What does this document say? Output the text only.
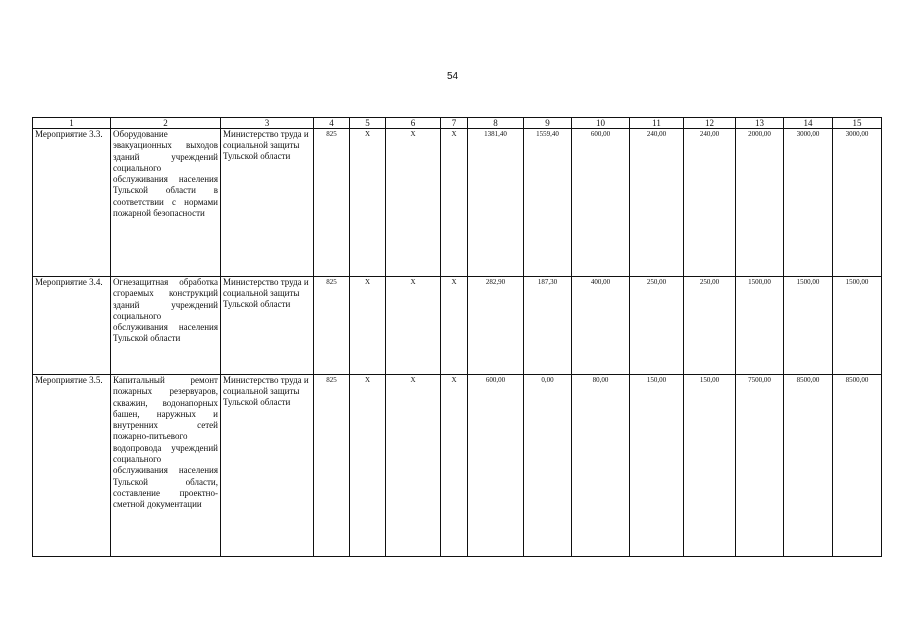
54
1	2	3	4	5	6	7	8	9	10	11	12	13	14	15
Мероприятие 3.3.	Оборудование эвакуационных выходов зданий учреждений социального обслуживания населения Тульской области в соответствии с нормами пожарной безопасности	Министерство труда и социальной защиты Тульской области	825	X	X	X	1381,40	1559,40	600,00	240,00	240,00	2000,00	3000,00	3000,00
Мероприятие 3.4.	Огнезащитная обработка сгораемых конструкций зданий учреждений социального обслуживания населения Тульской области	Министерство труда и социальной защиты Тульской области	825	X	X	X	282,90	187,30	400,00	250,00	250,00	1500,00	1500,00	1500,00
Мероприятие 3.5.	Капитальный ремонт пожарных резервуаров, скважин, водонапорных башен, наружных и внутренних сетей пожарно-питьевого водопровода учреждений социального обслуживания населения Тульской области, составление проектно-сметной документации	Министерство труда и социальной защиты Тульской области	825	X	X	X	600,00	0,00	80,00	150,00	150,00	7500,00	8500,00	8500,00
